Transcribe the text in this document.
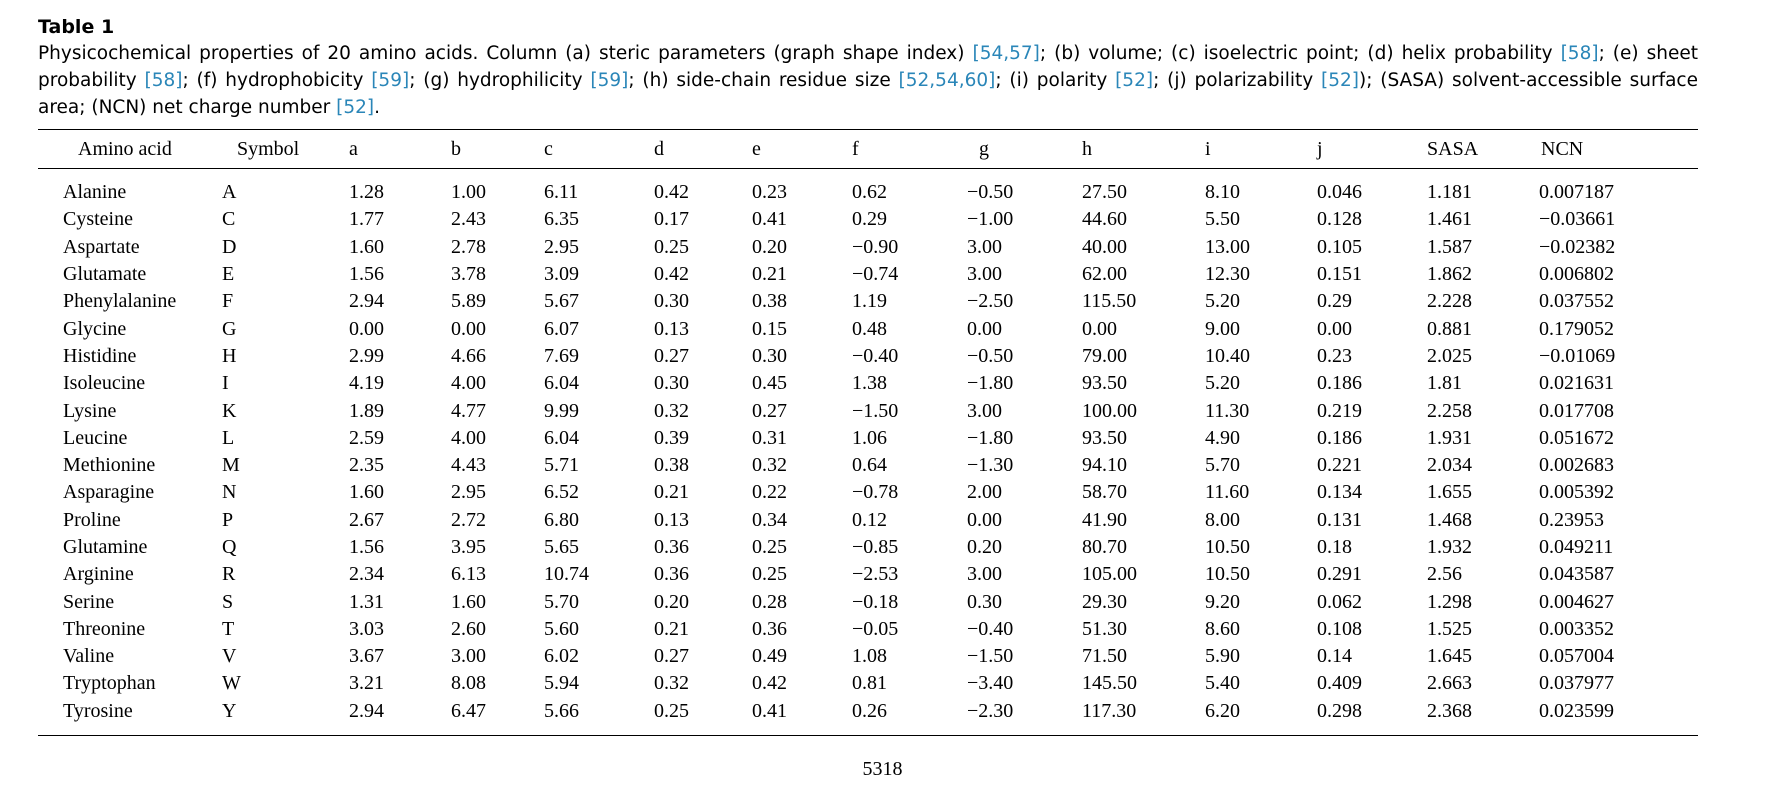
Table 1
Physicochemical properties of 20 amino acids. Column (a) steric parameters (graph shape index) [54,57]; (b) volume; (c) isoelectric point; (d) helix probability [58]; (e) sheet probability [58]; (f) hydrophobicity [59]; (g) hydrophilicity [59]; (h) side-chain residue size [52,54,60]; (i) polarity [52]; (j) polarizability [52]); (SASA) solvent-accessible surface area; (NCN) net charge number [52].
Amino acid	Symbol	a	b	c	d	e	f	g	h	i	j	SASA	NCN
Alanine	A	1.28	1.00	6.11	0.42	0.23	0.62	−0.50	27.50	8.10	0.046	1.181	0.007187
Cysteine	C	1.77	2.43	6.35	0.17	0.41	0.29	−1.00	44.60	5.50	0.128	1.461	−0.03661
Aspartate	D	1.60	2.78	2.95	0.25	0.20	−0.90	3.00	40.00	13.00	0.105	1.587	−0.02382
Glutamate	E	1.56	3.78	3.09	0.42	0.21	−0.74	3.00	62.00	12.30	0.151	1.862	0.006802
Phenylalanine	F	2.94	5.89	5.67	0.30	0.38	1.19	−2.50	115.50	5.20	0.29	2.228	0.037552
Glycine	G	0.00	0.00	6.07	0.13	0.15	0.48	0.00	0.00	9.00	0.00	0.881	0.179052
Histidine	H	2.99	4.66	7.69	0.27	0.30	−0.40	−0.50	79.00	10.40	0.23	2.025	−0.01069
Isoleucine	I	4.19	4.00	6.04	0.30	0.45	1.38	−1.80	93.50	5.20	0.186	1.81	0.021631
Lysine	K	1.89	4.77	9.99	0.32	0.27	−1.50	3.00	100.00	11.30	0.219	2.258	0.017708
Leucine	L	2.59	4.00	6.04	0.39	0.31	1.06	−1.80	93.50	4.90	0.186	1.931	0.051672
Methionine	M	2.35	4.43	5.71	0.38	0.32	0.64	−1.30	94.10	5.70	0.221	2.034	0.002683
Asparagine	N	1.60	2.95	6.52	0.21	0.22	−0.78	2.00	58.70	11.60	0.134	1.655	0.005392
Proline	P	2.67	2.72	6.80	0.13	0.34	0.12	0.00	41.90	8.00	0.131	1.468	0.23953
Glutamine	Q	1.56	3.95	5.65	0.36	0.25	−0.85	0.20	80.70	10.50	0.18	1.932	0.049211
Arginine	R	2.34	6.13	10.74	0.36	0.25	−2.53	3.00	105.00	10.50	0.291	2.56	0.043587
Serine	S	1.31	1.60	5.70	0.20	0.28	−0.18	0.30	29.30	9.20	0.062	1.298	0.004627
Threonine	T	3.03	2.60	5.60	0.21	0.36	−0.05	−0.40	51.30	8.60	0.108	1.525	0.003352
Valine	V	3.67	3.00	6.02	0.27	0.49	1.08	−1.50	71.50	5.90	0.14	1.645	0.057004
Tryptophan	W	3.21	8.08	5.94	0.32	0.42	0.81	−3.40	145.50	5.40	0.409	2.663	0.037977
Tyrosine	Y	2.94	6.47	5.66	0.25	0.41	0.26	−2.30	117.30	6.20	0.298	2.368	0.023599

5318
